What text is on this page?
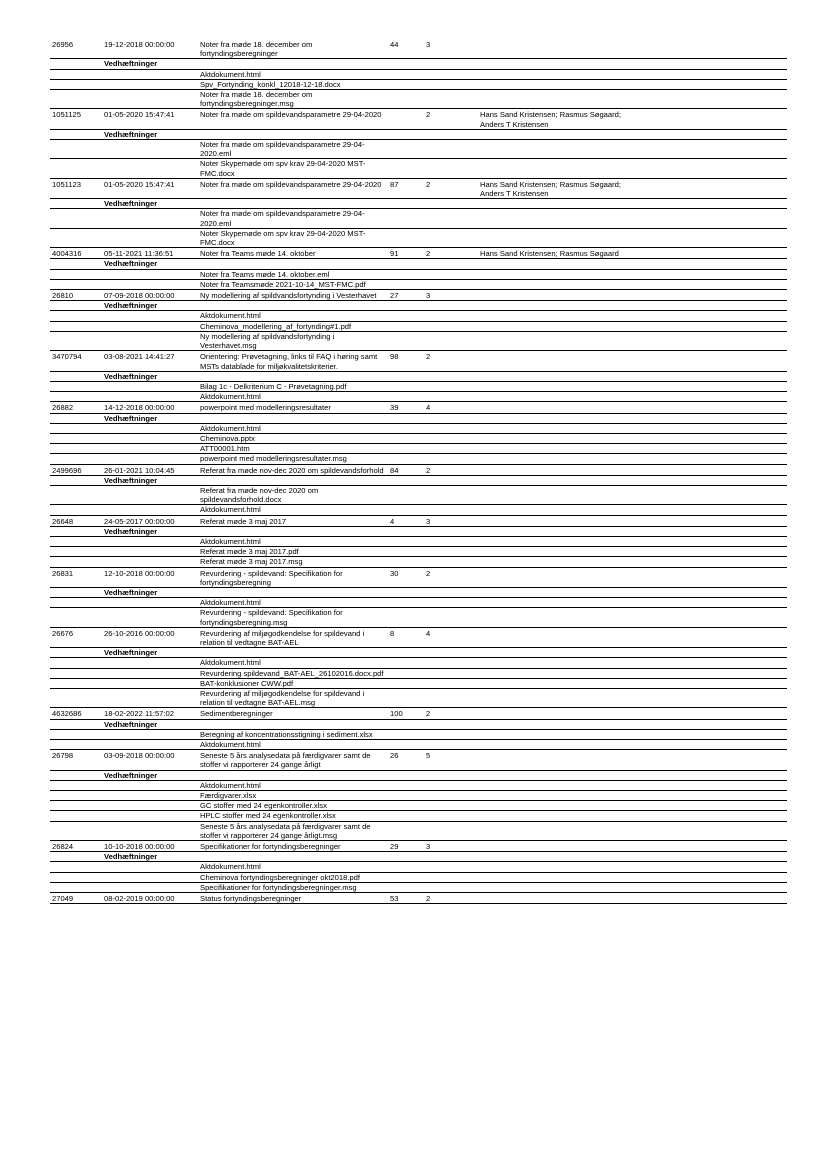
26956	19-12-2018 00:00:00	Noter fra møde 18. december om fortyndingsberegninger	44	3		
	Vedhæftninger					
		Aktdokument.html				
		Spv_Fortynding_konkl_12018-12-18.docx				
		Noter fra møde 18. december om fortyndingsberegninger.msg				
1051125	01-05-2020 15:47:41	Noter fra møde om spildevandsparametre 29-04-2020		2	Hans Sand Kristensen; Rasmus Søgaard; Anders T Kristensen	
	Vedhæftninger					
		Noter fra møde om spildevandsparametre 29-04-2020.eml				
		Noter Skypemøde om spv krav 29-04-2020 MST-FMC.docx				
1051123	01-05-2020 15:47:41	Noter fra møde om spildevandsparametre 29-04-2020	87	2	Hans Sand Kristensen; Rasmus Søgaard; Anders T Kristensen	
	Vedhæftninger					
		Noter fra møde om spildevandsparametre 29-04-2020.eml				
		Noter Skypemøde om spv krav 29-04-2020 MST-FMC.docx				
4004316	05-11-2021 11:36:51	Noter fra Teams møde 14. oktober	91	2	Hans Sand Kristensen; Rasmus Søgaard	
	Vedhæftninger					
		Noter fra Teams møde 14. oktober.eml				
		Noter fra Teamsmøde 2021-10-14_MST-FMC.pdf				
26810	07-09-2018 00:00:00	Ny modellering af spildvandsfortynding i Vesterhavet	27	3		
	Vedhæftninger					
		Aktdokument.html				
		Cheminova_modellering_af_fortynding#1.pdf				
		Ny modellering af spildvandsfortynding i Vesterhavet.msg				
3470794	03-08-2021 14:41:27	Orientering: Prøvetagning, links til FAQ i høring samt MSTs datablade for miljøkvalitetskriterier.	98	2		
	Vedhæftninger					
		Bilag 1c - Delkriterium C - Prøvetagning.pdf				
		Aktdokument.html				
26882	14-12-2018 00:00:00	powerpoint med modelleringsresultater	39	4		
	Vedhæftninger					
		Aktdokument.html				
		Cheminova.pptx				
		ATT00001.htm				
		powerpoint med modelleringsresultater.msg				
2499696	26-01-2021 10:04:45	Referat fra møde nov-dec 2020 om spildevandsforhold	84	2		
	Vedhæftninger					
		Referat fra møde nov-dec 2020 om spildevandsforhold.docx				
		Aktdokument.html				
26648	24-05-2017 00:00:00	Referat møde 3 maj 2017	4	3		
	Vedhæftninger					
		Aktdokument.html				
		Referat møde 3 maj 2017.pdf				
		Referat møde 3 maj 2017.msg				
26831	12-10-2018 00:00:00	Revurdering - spildevand: Specifikation for fortyndingsberegning	30	2		
	Vedhæftninger					
		Aktdokument.html				
		Revurdering - spildevand: Specifikation for fortyndingsberegning.msg				
26676	26-10-2016 00:00:00	Revurdering af miljøgodkendelse for spildevand i relation til vedtagne BAT-AEL	8	4		
	Vedhæftninger					
		Aktdokument.html				
		Revurdering spildevand_BAT-AEL_26102016.docx.pdf				
		BAT-konklusioner CWW.pdf				
		Revurdering af miljøgodkendelse for spildevand i relation til vedtagne BAT-AEL.msg				
4632686	18-02-2022 11:57:02	Sedimentberegninger	100	2		
	Vedhæftninger					
		Beregning af koncentrationsstigning i sediment.xlsx				
		Aktdokument.html				
26798	03-09-2018 00:00:00	Seneste 5 års analysedata på færdigvarer samt de stoffer vi rapporterer 24 gange årligt	26	5		
	Vedhæftninger					
		Aktdokument.html				
		Færdigvarer.xlsx				
		GC stoffer med 24 egenkontroller.xlsx				
		HPLC stoffer med 24 egenkontroller.xlsx				
		Seneste 5 års analysedata på færdigvarer samt de stoffer vi rapporterer 24 gange årligt.msg				
26824	10-10-2018 00:00:00	Specifikationer for fortyndingsberegninger	29	3		
	Vedhæftninger					
		Aktdokument.html				
		Cheminova fortyndingsberegninger okt2018.pdf				
		Specifikationer for fortyndingsberegninger.msg				
27049	08-02-2019 00:00:00	Status fortyndingsberegninger	53	2		
